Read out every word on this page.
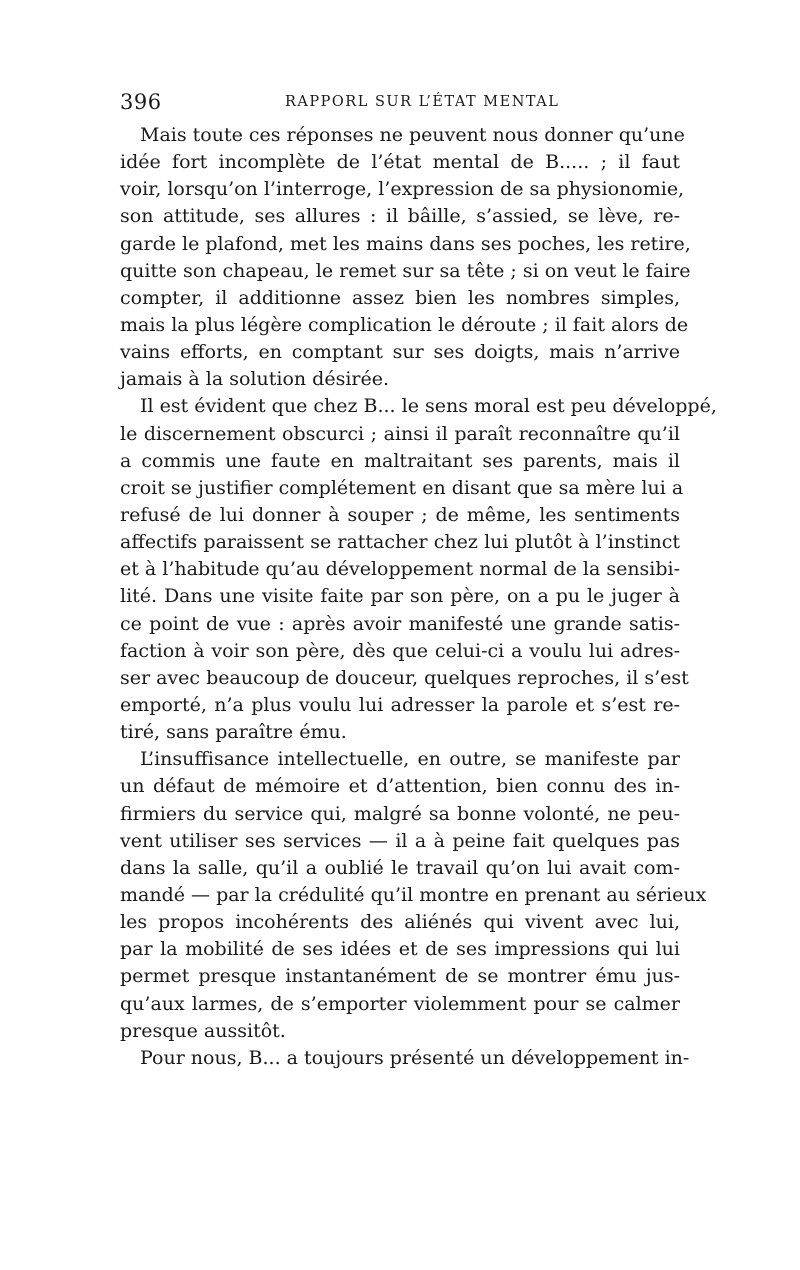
396	RAPPORL SUR L’ÉTAT MENTAL
Mais toute ces réponses ne peuvent nous donner qu’une
idée fort incomplète de l’état mental de B..... ; il faut
voir, lorsqu’on l’interroge, l’expression de sa physionomie,
son attitude, ses allures : il bâille, s’assied, se lève, re-
garde le plafond, met les mains dans ses poches, les retire,
quitte son chapeau, le remet sur sa tête ; si on veut le faire
compter, il additionne assez bien les nombres simples,
mais la plus légère complication le déroute ; il fait alors de
vains efforts, en comptant sur ses doigts, mais n’arrive
jamais à la solution désirée.
Il est évident que chez B... le sens moral est peu développé,
le discernement obscurci ; ainsi il paraît reconnaître qu’il
a commis une faute en maltraitant ses parents, mais il
croit se justifier complétement en disant que sa mère lui a
refusé de lui donner à souper ; de même, les sentiments
affectifs paraissent se rattacher chez lui plutôt à l’instinct
et à l’habitude qu’au développement normal de la sensibi-
lité. Dans une visite faite par son père, on a pu le juger à
ce point de vue : après avoir manifesté une grande satis-
faction à voir son père, dès que celui-ci a voulu lui adres-
ser avec beaucoup de douceur, quelques reproches, il s’est
emporté, n’a plus voulu lui adresser la parole et s’est re-
tiré, sans paraître ému.
L’insuffisance intellectuelle, en outre, se manifeste par
un défaut de mémoire et d’attention, bien connu des in-
firmiers du service qui, malgré sa bonne volonté, ne peu-
vent utiliser ses services — il a à peine fait quelques pas
dans la salle, qu’il a oublié le travail qu’on lui avait com-
mandé — par la crédulité qu’il montre en prenant au sérieux
les propos incohérents des aliénés qui vivent avec lui,
par la mobilité de ses idées et de ses impressions qui lui
permet presque instantanément de se montrer ému jus-
qu’aux larmes, de s’emporter violemment pour se calmer
presque aussitôt.
Pour nous, B... a toujours présenté un développement in-
